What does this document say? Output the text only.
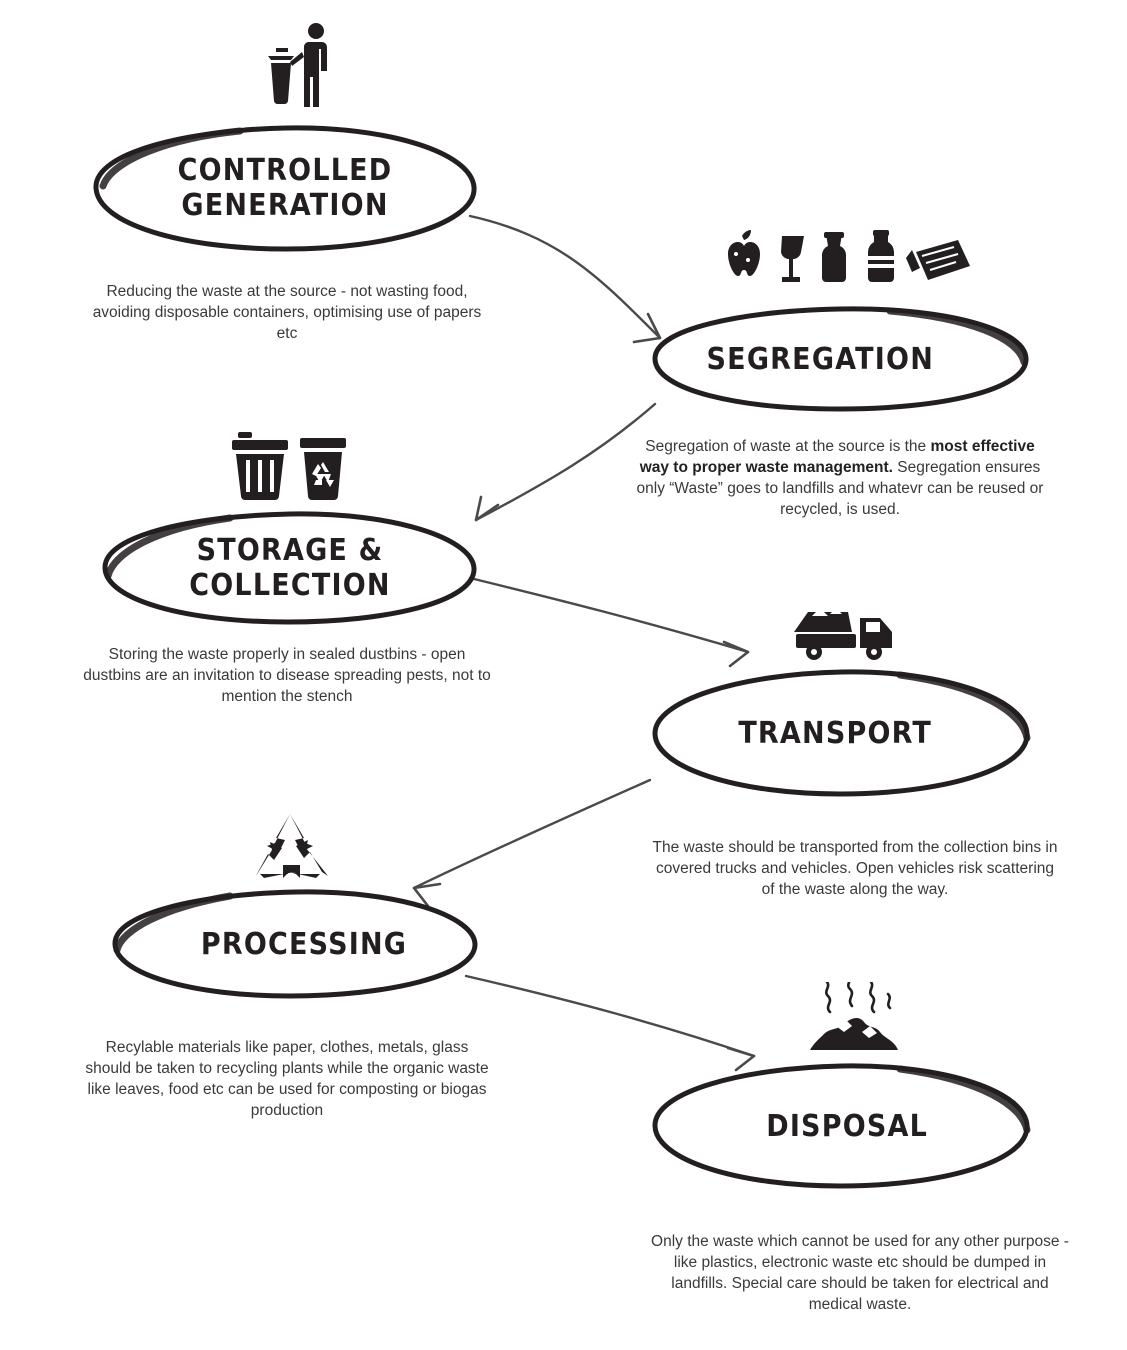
CONTROLLED GENERATION
Reducing the waste at the source - not wasting food, avoiding disposable containers, optimising use of papers etc
SEGREGATION
Segregation of waste at the source is the most effective way to proper waste management. Segregation ensures only “Waste” goes to landfills and whatevr can be reused or recycled, is used.
STORAGE & COLLECTION
Storing the waste properly in sealed dustbins - open dustbins are an invitation to disease spreading pests, not to mention the stench
TRANSPORT
The waste should be transported from the collection bins in covered trucks and vehicles. Open vehicles risk scattering of the waste along the way.
PROCESSING
Recylable materials like paper, clothes, metals, glass should be taken to recycling plants while the organic waste like leaves, food etc can be used for composting or biogas production	DISPOSAL
Only the waste which cannot be used for any other purpose - like plastics, electronic waste etc should be dumped in landfills. Special care should be taken for electrical and medical waste.
